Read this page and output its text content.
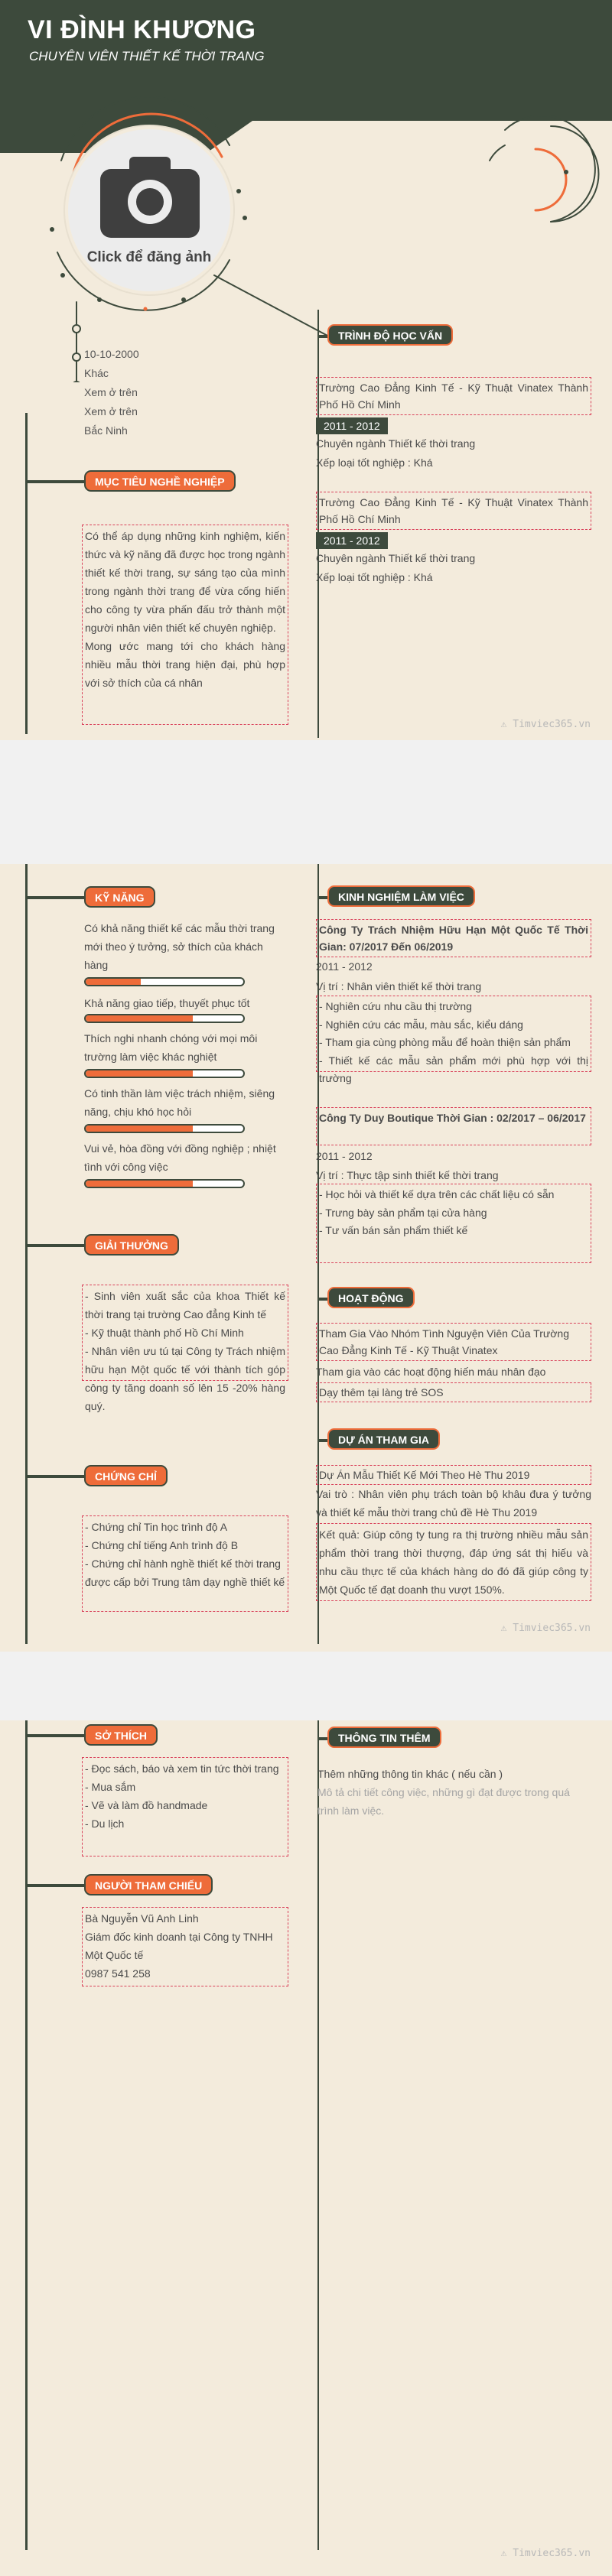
VI ĐÌNH KHƯƠNG
CHUYÊN VIÊN THIẾT KẾ THỜI TRANG
Click để đăng ảnh
10-10-2000
Khác
Xem ở trên
Xem ở trên
Bắc Ninh
MỤC TIÊU NGHỀ NGHIỆP
Có thể áp dụng những kinh nghiệm, kiến thức và kỹ năng đã được học trong ngành thiết kế thời trang, sự sáng tạo của mình trong ngành thời trang để vừa cống hiến cho công ty vừa phấn đấu trở thành một người nhân viên thiết kế chuyên nghiệp.
Mong ước mang tới cho khách hàng nhiều mẫu thời trang hiện đại, phù hợp với sở thích của cá nhân
TRÌNH ĐỘ HỌC VẤN
Trường Cao Đẳng Kinh Tế - Kỹ Thuật Vinatex Thành Phố Hồ Chí Minh
2011 - 2012
Chuyên ngành Thiết kế thời trang
Xếp loại tốt nghiệp : Khá
Trường Cao Đẳng Kinh Tế - Kỹ Thuật Vinatex Thành Phố Hồ Chí Minh
2011 - 2012
Chuyên ngành Thiết kế thời trang
Xếp loại tốt nghiệp : Khá
⚠ Timviec365.vn
KỸ NĂNG
Có khả năng thiết kế các mẫu thời trang mới theo ý tưởng, sở thích của khách hàng
Khả năng giao tiếp, thuyết phục tốt
Thích nghi nhanh chóng với mọi môi trường làm việc khác nghiệt
Có tinh thần làm việc trách nhiệm, siêng năng, chịu khó học hỏi
Vui vẻ, hòa đồng với đồng nghiệp ; nhiệt tình với công việc
GIẢI THƯỞNG
- Sinh viên xuất sắc của khoa Thiết kế thời trang tại trường Cao đẳng Kinh tế
- Kỹ thuật thành phố Hồ Chí Minh
- Nhân viên ưu tú tại Công ty Trách nhiệm hữu hạn Một quốc tế với thành tích góp công ty tăng doanh số lên 15 -20% hàng quý.
CHỨNG CHỈ
- Chứng chỉ Tin học trình độ A
- Chứng chỉ tiếng Anh trình độ B
- Chứng chỉ hành nghề thiết kế thời trang được cấp bởi Trung tâm dạy nghề thiết kế
KINH NGHIỆM LÀM VIỆC
Công Ty Trách Nhiệm Hữu Hạn Một Quốc Tế Thời Gian: 07/2017 Đến 06/2019
2011 - 2012
Vị trí : Nhân viên thiết kế thời trang
- Nghiên cứu nhu cầu thị trường
- Nghiên cứu các mẫu, màu sắc, kiểu dáng
- Tham gia cùng phòng mẫu để hoàn thiện sản phẩm
- Thiết kế các mẫu sản phẩm mới phù hợp với thị trường
Công Ty Duy Boutique Thời Gian : 02/2017 – 06/2017
2011 - 2012
Vị trí : Thực tập sinh thiết kế thời trang
- Học hỏi và thiết kế dựa trên các chất liệu có sẵn
- Trưng bày sản phẩm tại cửa hàng
- Tư vấn bán sản phẩm thiết kế
HOẠT ĐỘNG
Tham Gia Vào Nhóm Tình Nguyện Viên Của Trường Cao Đẳng Kinh Tế - Kỹ Thuật Vinatex
Tham gia vào các hoạt động hiến máu nhân đạo
Dạy thêm tại làng trẻ SOS
DỰ ÁN THAM GIA
Dự Án Mẫu Thiết Kế Mới Theo Hè Thu 2019
Vai trò : Nhân viên phụ trách toàn bộ khâu đưa ý tưởng và thiết kế mẫu thời trang chủ đề Hè Thu 2019
Kết quả: Giúp công ty tung ra thị trường nhiều mẫu sản phẩm thời trang thời thượng, đáp ứng sát thị hiếu và nhu cầu thực tế của khách hàng do đó đã giúp công ty Một Quốc tế đạt doanh thu vượt 150%.
⚠ Timviec365.vn
SỞ THÍCH
- Đọc sách, báo và xem tin tức thời trang
- Mua sắm
- Vẽ và làm đồ handmade
- Du lịch
NGƯỜI THAM CHIẾU
Bà Nguyễn Vũ Anh Linh
Giám đốc kinh doanh tại Công ty TNHH Một Quốc tế
0987 541 258
THÔNG TIN THÊM
Thêm những thông tin khác ( nếu cần )
Mô tả chi tiết công việc, những gì đạt được trong quá trình làm việc.
⚠ Timviec365.vn
